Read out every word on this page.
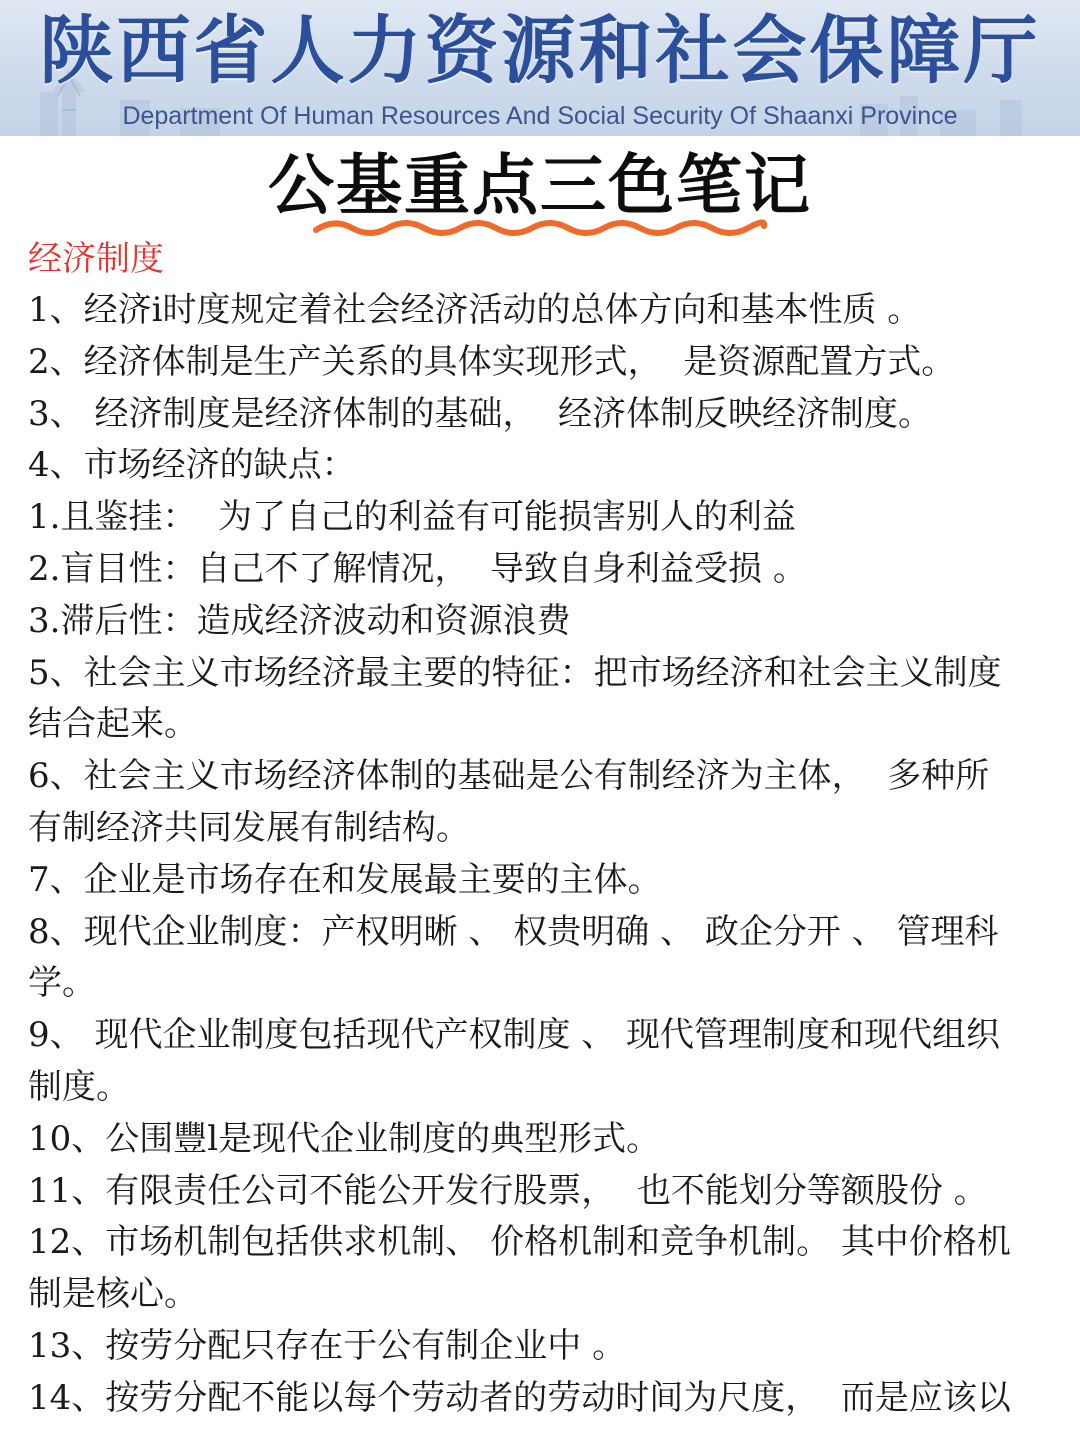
陕西省人力资源和社会保障厅
Department Of Human Resources And Social Security Of Shaanxi Province
公基重点三色笔记

经济制度

1、经济i时度规定着社会经济活动的总体方向和基本性质 。

2、经济体制是生产关系的具体实现形式，  是资源配置方式。

3、 经济制度是经济体制的基础，  经济体制反映经济制度。

4、市场经济的缺点：

1.且鉴挂：  为了自己的利益有可能损害别人的利益

2.盲目性：自己不了解情况，  导致自身利益受损 。

3.滞后性：造成经济波动和资源浪费

5、社会主义市场经济最主要的特征：把市场经济和社会主义制度

结合起来。

6、社会主义市场经济体制的基础是公有制经济为主体，  多种所

有制经济共同发展有制结构。

7、企业是市场存在和发展最主要的主体。

8、现代企业制度：产权明晰 、 权贵明确 、 政企分开 、 管理科

学。

9、 现代企业制度包括现代产权制度 、 现代管理制度和现代组织

制度。

10、公围豐l是现代企业制度的典型形式。

11、有限责任公司不能公开发行股票，  也不能划分等额股份 。

12、市场机制包括供求机制、 价格机制和竞争机制。 其中价格机

制是核心。

13、按劳分配只存在于公有制企业中 。

14、按劳分配不能以每个劳动者的劳动时间为尺度，  而是应该以
